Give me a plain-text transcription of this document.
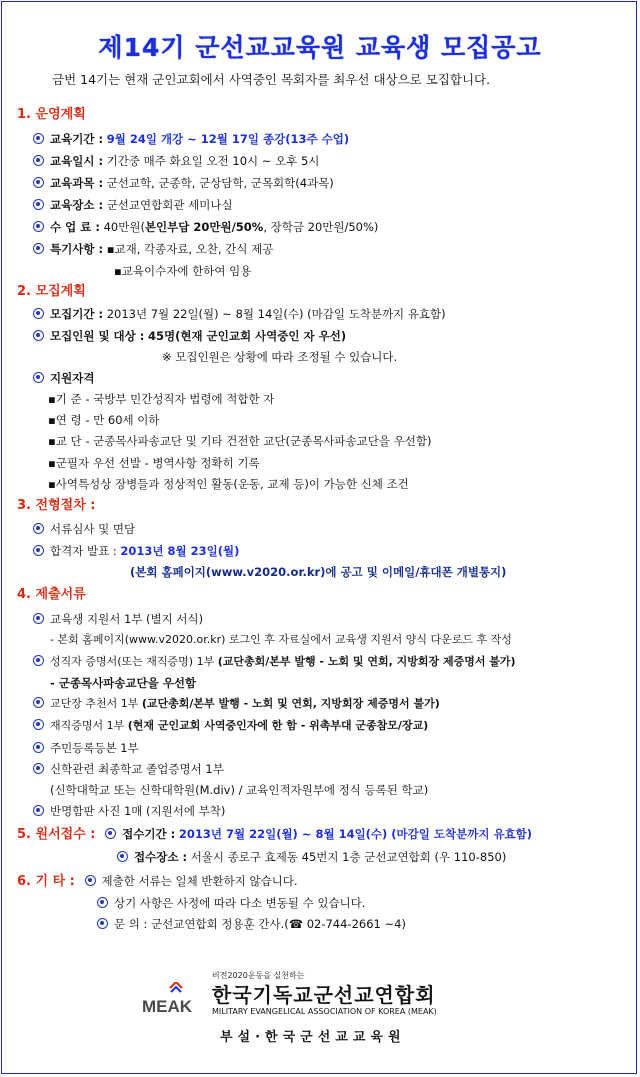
제14기 군선교교육원 교육생 모집공고
금번 14기는 현재 군인교회에서 사역중인 목회자를 최우선 대상으로 모집합니다.
1. 운영계획
교육기간 : 9월 24일 개강 ~ 12월 17일 종강(13주 수업)
교육일시 : 기간중 매주 화요일 오전 10시 ~ 오후 5시
교육과목 : 군선교학, 군종학, 군상담학, 군목회학(4과목)
교육장소 : 군선교연합회관 세미나실
수 업 료 : 40만원(본인부담 20만원/50%, 장학금 20만원/50%)
특기사항 : ▪교재, 각종자료, 오찬, 간식 제공
▪교육이수자에 한하여 임용
2. 모집계획
모집기간 : 2013년 7월 22일(월) ~ 8월 14일(수) (마감일 도착분까지 유효함)
모집인원 및 대상 : 45명(현재 군인교회 사역중인 자 우선)
※ 모집인원은 상황에 따라 조정될 수 있습니다.
지원자격
▪기 준 - 국방부 민간성직자 법령에 적합한 자
▪연 령 - 만 60세 이하
▪교 단 - 군종목사파송교단 및 기타 건전한 교단(군종목사파송교단을 우선함)
▪군필자 우선 선발 - 병역사항 정확히 기록
▪사역특성상 장병들과 정상적인 활동(운동, 교제 등)이 가능한 신체 조건
3. 전형절차 :
서류심사 및 면담
합격자 발표 : 2013년 8월 23일(월)
(본회 홈페이지(www.v2020.or.kr)에 공고 및 이메일/휴대폰 개별통지)
4. 제출서류
교육생 지원서 1부 (별지 서식)
- 본회 홈페이지(www.v2020.or.kr) 로그인 후 자료실에서 교육생 지원서 양식 다운로드 후 작성
성직자 증명서(또는 재직증명) 1부 (교단총회/본부 발행 - 노회 및 연회, 지방회장 제증명서 불가)
- 군종목사파송교단을 우선함
교단장 추천서 1부 (교단총회/본부 발행 - 노회 및 연회, 지방회장 제증명서 불가)
재직증명서 1부 (현재 군인교회 사역중인자에 한 함 - 위촉부대 군종참모/장교)
주민등록등본 1부
신학관련 최종학교 졸업증명서 1부
(신학대학교 또는 신학대학원(M.div) / 교육인적자원부에 정식 등록된 학교)
반명함판 사진 1매 (지원서에 부착)
5. 원서접수 : 접수기간 : 2013년 7월 22일(월) ~ 8월 14일(수) (마감일 도착분까지 유효함)
접수장소 : 서울시 종로구 효제동 45번지 1층 군선교연합회 (우 110-850)
6. 기 타 : 제출한 서류는 일체 반환하지 않습니다.
상기 사항은 사정에 따라 다소 변동될 수 있습니다.
문 의 : 군선교연합회 정용훈 간사.(☎ 02-744-2661 ~4)
MEAK
비전2020운동을 실천하는
한국기독교군선교연합회
MILITARY EVANGELICAL ASSOCIATION OF KOREA (MEAK)
부설·한국군선교교육원
